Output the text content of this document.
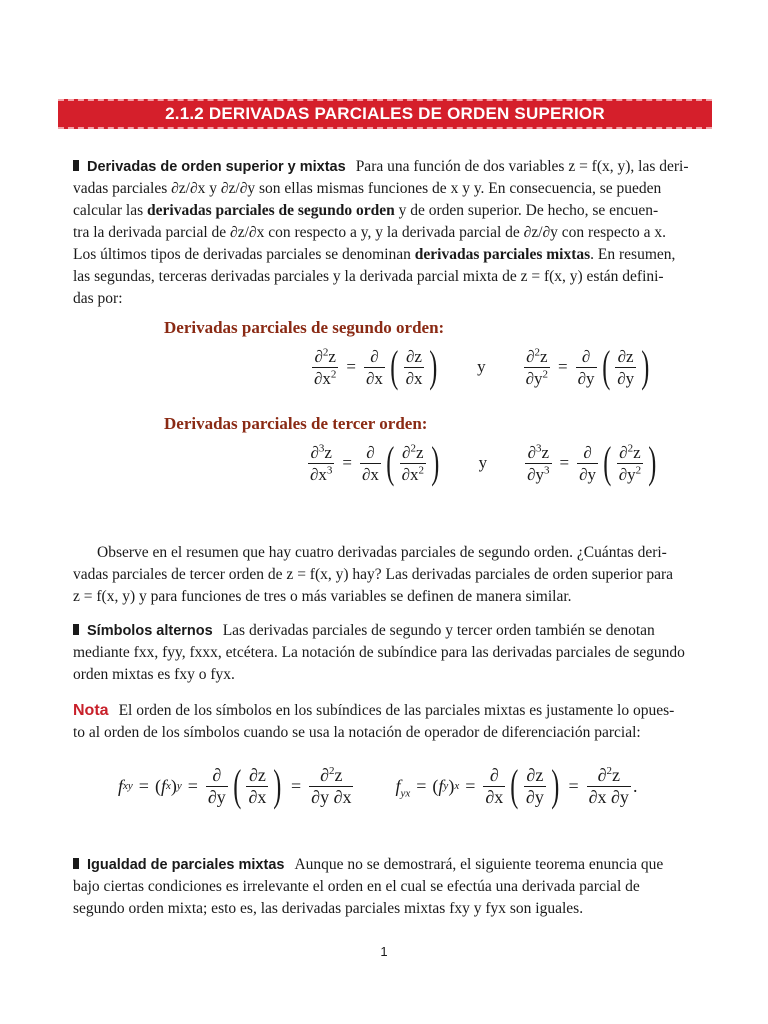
2.1.2 DERIVADAS PARCIALES DE ORDEN SUPERIOR
Derivadas de orden superior y mixtas Para una función de dos variables z = f(x, y), las deri-
vadas parciales ∂z/∂x y ∂z/∂y son ellas mismas funciones de x y y. En consecuencia, se pueden
calcular las derivadas parciales de segundo orden y de orden superior. De hecho, se encuen-
tra la derivada parcial de ∂z/∂x con respecto a y, y la derivada parcial de ∂z/∂y con respecto a x.
Los últimos tipos de derivadas parciales se denominan derivadas parciales mixtas. En resumen,
las segundas, terceras derivadas parciales y la derivada parcial mixta de z = f(x, y) están defini-
das por:
Derivadas parciales de segundo orden:
$\frac{\partial^2z}{\partial x^2} = \frac{\partial}{\partial x}$ ( $\frac{\partial z}{\partial x}$ ) y $\frac{\partial^2z}{\partial y^2} = \frac{\partial}{\partial y}$ ( $\frac{\partial z}{\partial y}$ )
Derivadas parciales de tercer orden:
$\frac{\partial^3z}{\partial x^3} = \frac{\partial}{\partial x}$ ( $\frac{\partial^2z}{\partial x^2}$ ) y $\frac{\partial^3z}{\partial y^3} = \frac{\partial}{\partial y}$ ( $\frac{\partial^2z}{\partial y^2}$ )
Observe en el resumen que hay cuatro derivadas parciales de segundo orden. ¿Cuántas deri-
vadas parciales de tercer orden de z = f(x, y) hay? Las derivadas parciales de orden superior para
z = f(x, y) y para funciones de tres o más variables se definen de manera similar.
Símbolos alternos Las derivadas parciales de segundo y tercer orden también se denotan
mediante fxx, fyy, fxxx, etcétera. La notación de subíndice para las derivadas parciales de segundo
orden mixtas es fxy o fyx.
Nota El orden de los símbolos en los subíndices de las parciales mixtas es justamente lo opues-
to al orden de los símbolos cuando se usa la notación de operador de diferenciación parcial:
f xy = ( f x ) $y = \frac{\partial}{\partial y}$ ( $\frac{\partial z}{\partial x}$ ) = $\frac{\partial^2z}{\partial y \partial x} f_{yx}$ = ( f y ) $x = \frac{\partial}{\partial x}$ ( $\frac{\partial z}{\partial y}$ ) = $\frac{\partial^2z}{\partial x \partial y}$ .
Igualdad de parciales mixtas Aunque no se demostrará, el siguiente teorema enuncia que
bajo ciertas condiciones es irrelevante el orden en el cual se efectúa una derivada parcial de
segundo orden mixta; esto es, las derivadas parciales mixtas fxy y fyx son iguales.
1
